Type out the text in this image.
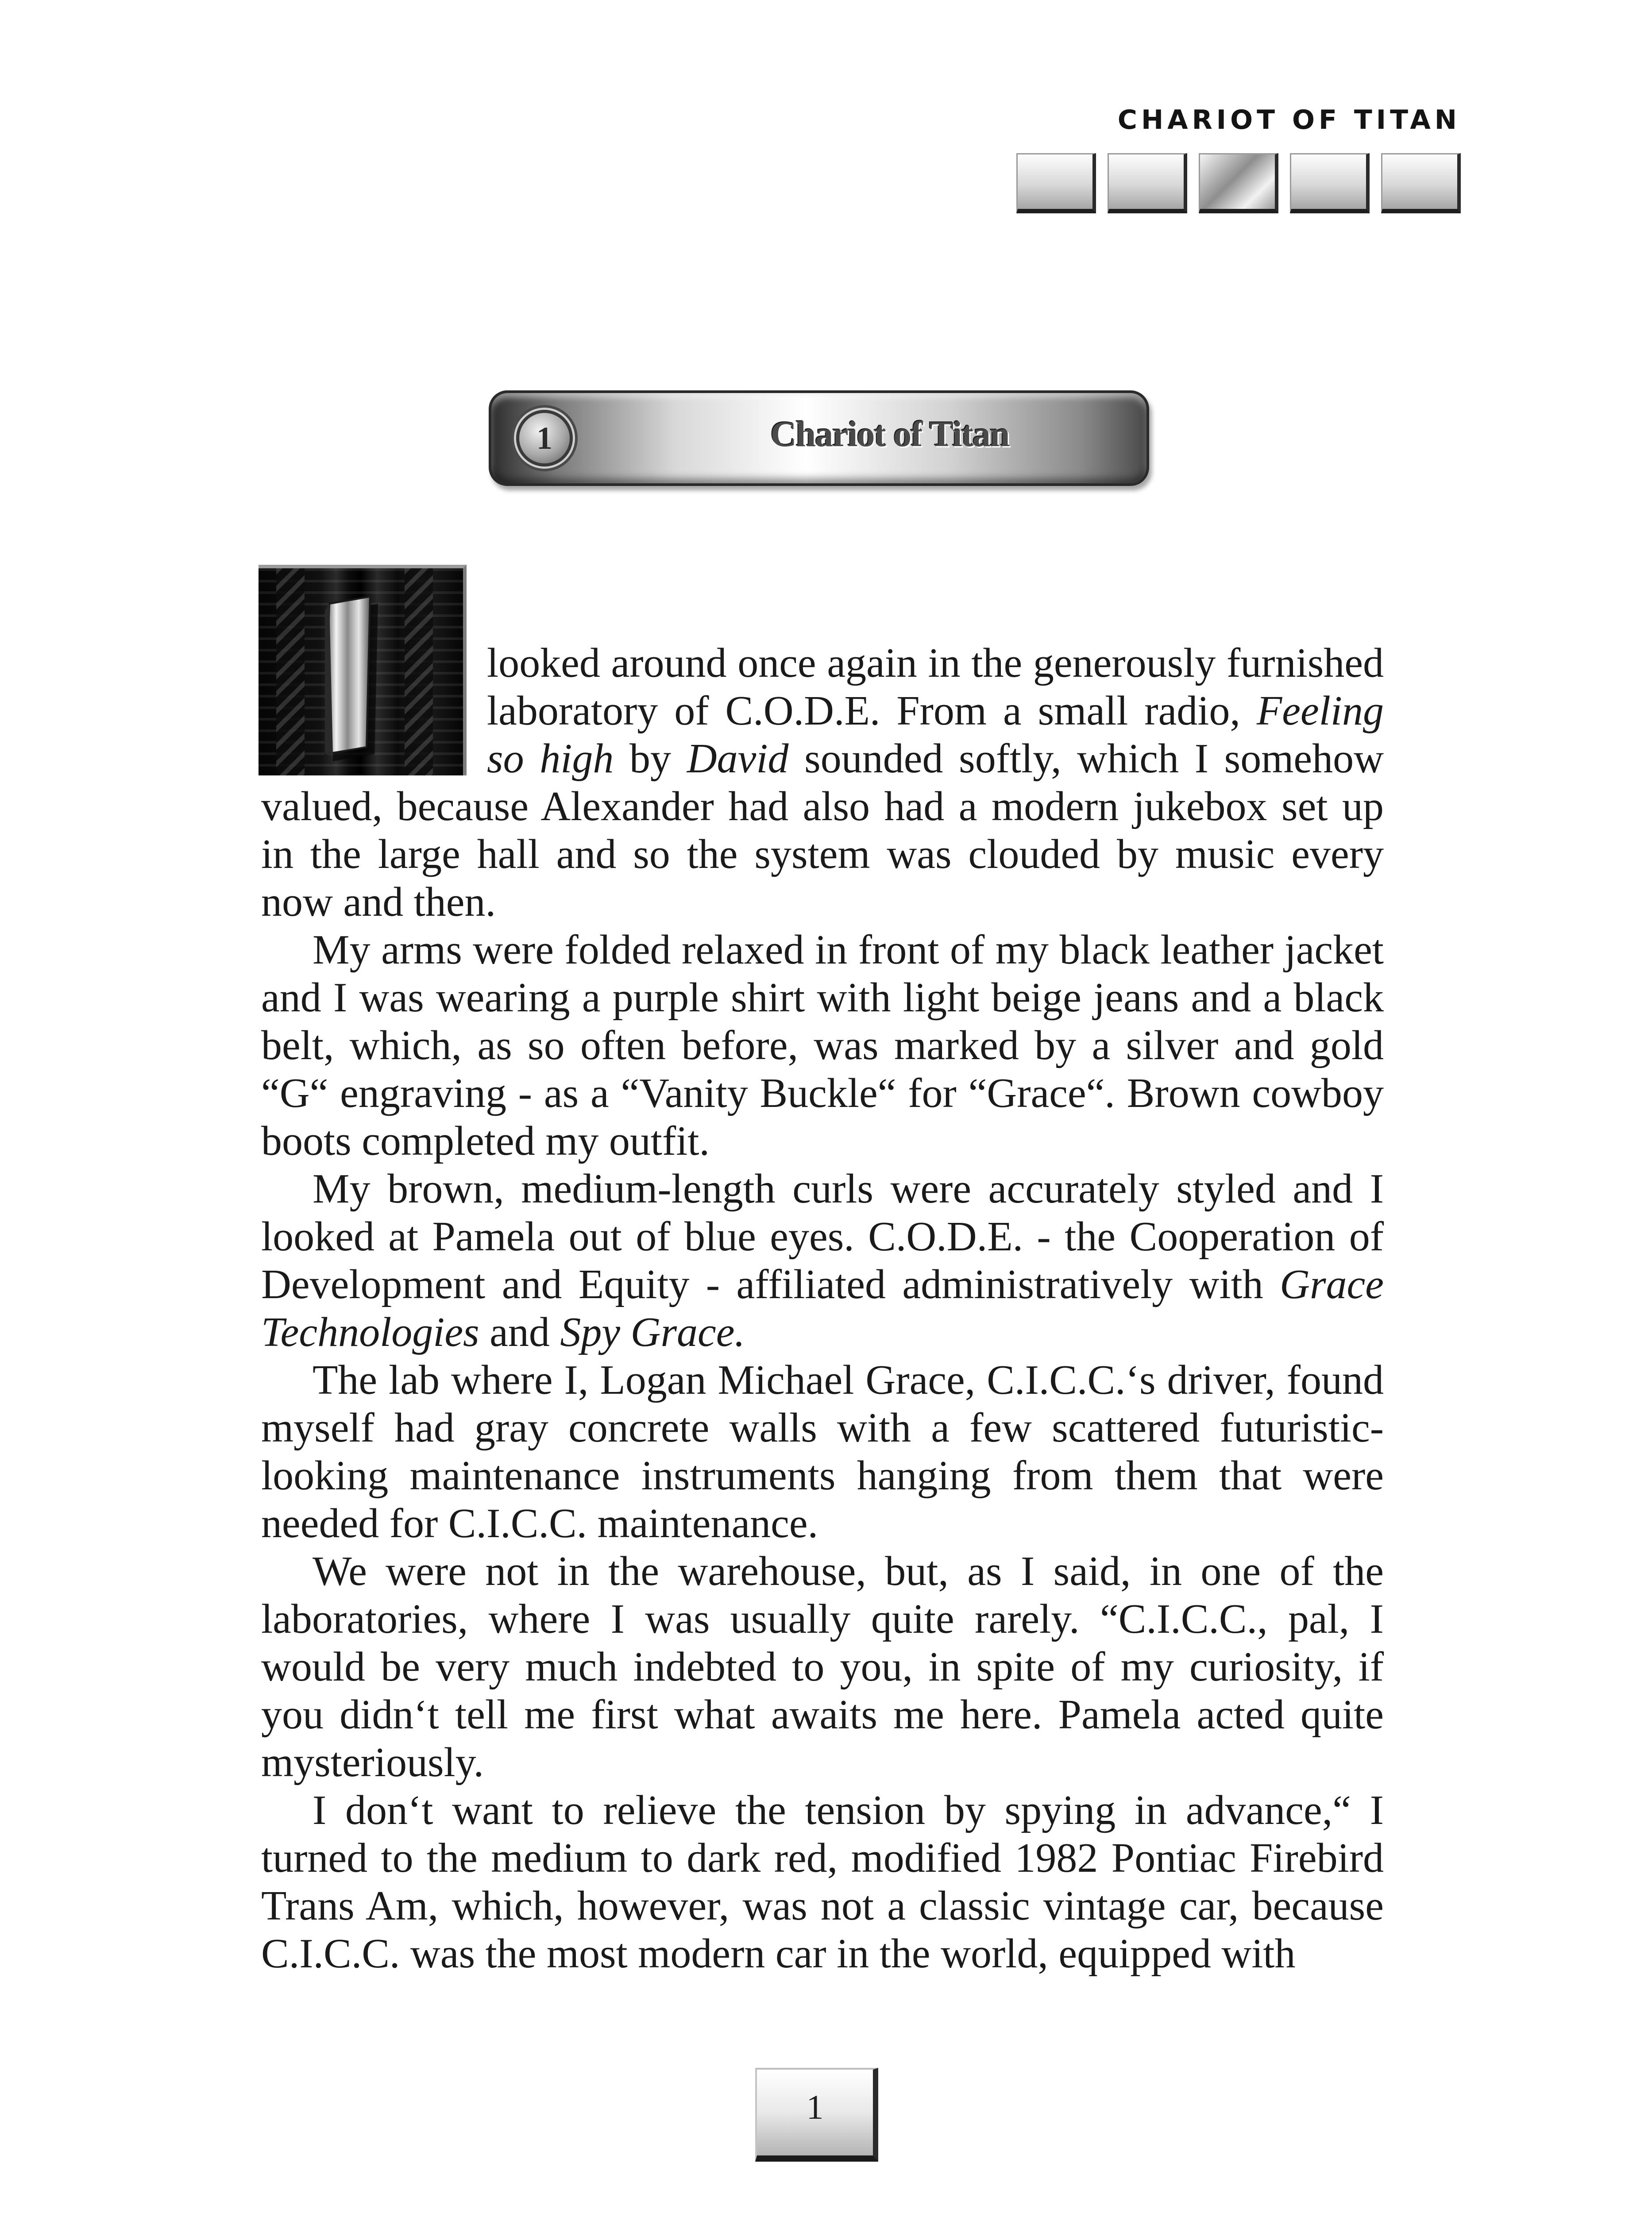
CHARIOT OF TITAN
1	Chariot of Titan

looked around once again in the generously furnished laboratory of C.O.D.E. From a small radio, Feeling so high by David sounded softly, which I somehow valued, because Alexander had also had a modern jukebox set up in the large hall and so the system was clouded by music every now and then.

My arms were folded relaxed in front of my black leather jacket and I was wearing a purple shirt with light beige jeans and a black belt, which, as so often before, was marked by a silver and gold “G“ engraving - as a “Vanity Buckle“ for “Grace“. Brown cowboy boots completed my outfit.

My brown, medium-length curls were accurately styled and I looked at Pamela out of blue eyes. C.O.D.E. - the Cooperation of Development and Equity - affiliated administratively with Grace Technologies and Spy Grace.

The lab where I, Logan Michael Grace, C.I.C.C.‘s driver, found myself had gray concrete walls with a few scattered futuristic-looking maintenance instruments hanging from them that were needed for C.I.C.C. maintenance.

We were not in the warehouse, but, as I said, in one of the laboratories, where I was usually quite rarely. “C.I.C.C., pal, I would be very much indebted to you, in spite of my curiosity, if you didn‘t tell me first what awaits me here. Pamela acted quite mysteriously.

I don‘t want to relieve the tension by spying in advance,“ I turned to the medium to dark red, modified 1982 Pontiac Firebird Trans Am, which, however, was not a classic vintage car, because C.I.C.C. was the most modern car in the world, equipped with

1
